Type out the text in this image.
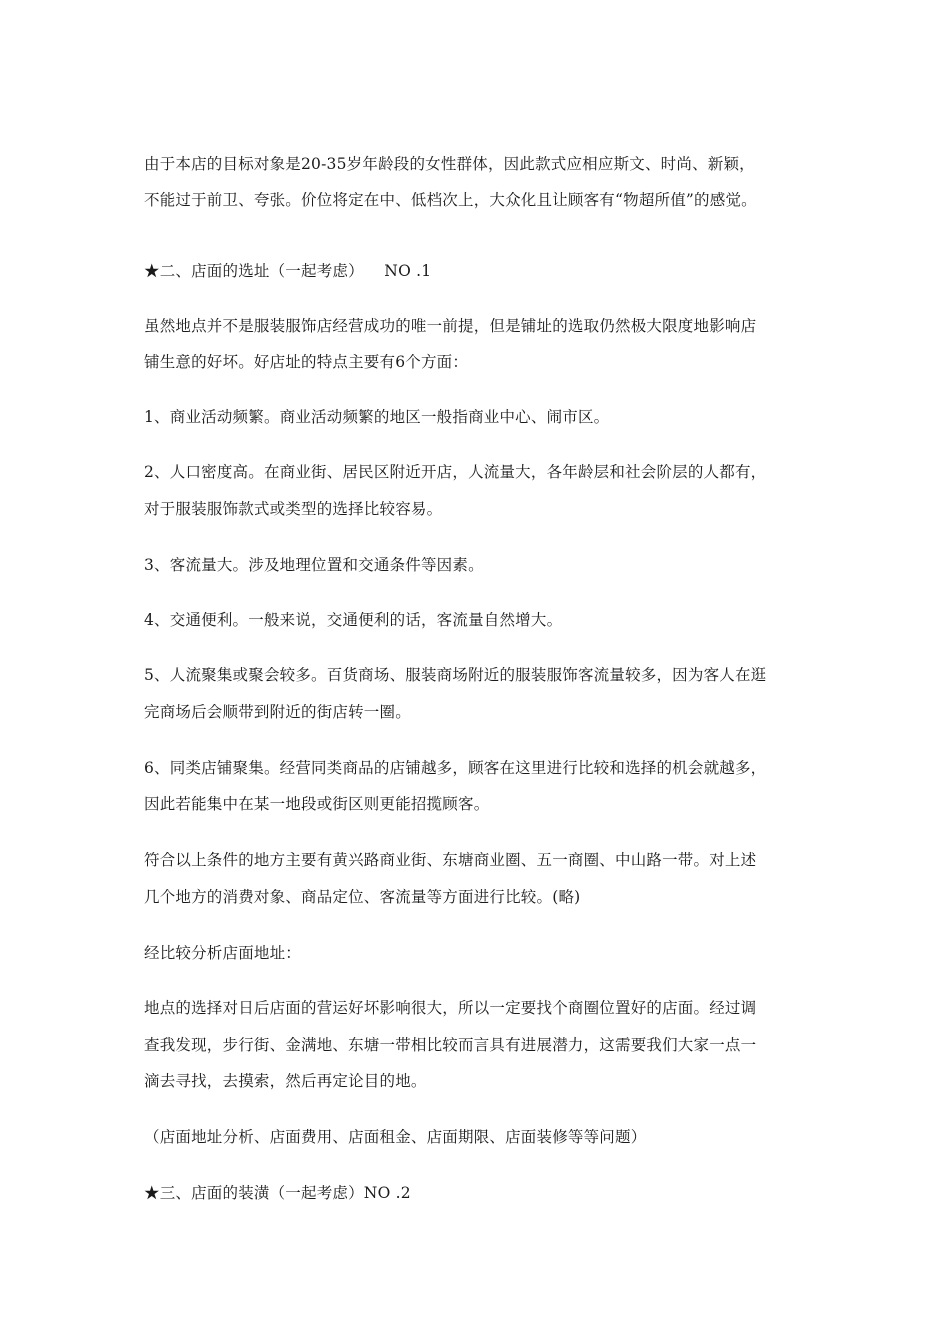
由于本店的目标对象是20-35岁年龄段的女性群体，因此款式应相应斯文、时尚、新颖，
不能过于前卫、夸张。价位将定在中、低档次上，大众化且让顾客有“物超所值”的感觉。
★二、店面的选址（一起考虑）    NO .1
虽然地点并不是服装服饰店经营成功的唯一前提，但是铺址的选取仍然极大限度地影响店
铺生意的好坏。好店址的特点主要有6个方面：
1、商业活动频繁。商业活动频繁的地区一般指商业中心、闹市区。
2、人口密度高。在商业街、居民区附近开店，人流量大，各年龄层和社会阶层的人都有，
对于服装服饰款式或类型的选择比较容易。
3、客流量大。涉及地理位置和交通条件等因素。
4、交通便利。一般来说，交通便利的话，客流量自然增大。
5、人流聚集或聚会较多。百货商场、服装商场附近的服装服饰客流量较多，因为客人在逛
完商场后会顺带到附近的街店转一圈。
6、同类店铺聚集。经营同类商品的店铺越多，顾客在这里进行比较和选择的机会就越多，
因此若能集中在某一地段或街区则更能招揽顾客。
符合以上条件的地方主要有黄兴路商业街、东塘商业圈、五一商圈、中山路一带。对上述
几个地方的消费对象、商品定位、客流量等方面进行比较。(略)
经比较分析店面地址：
地点的选择对日后店面的营运好坏影响很大，所以一定要找个商圈位置好的店面。经过调
查我发现，步行街、金满地、东塘一带相比较而言具有进展潜力，这需要我们大家一点一
滴去寻找，去摸索，然后再定论目的地。
（店面地址分析、店面费用、店面租金、店面期限、店面装修等等问题）
★三、店面的装潢（一起考虑）NO .2
